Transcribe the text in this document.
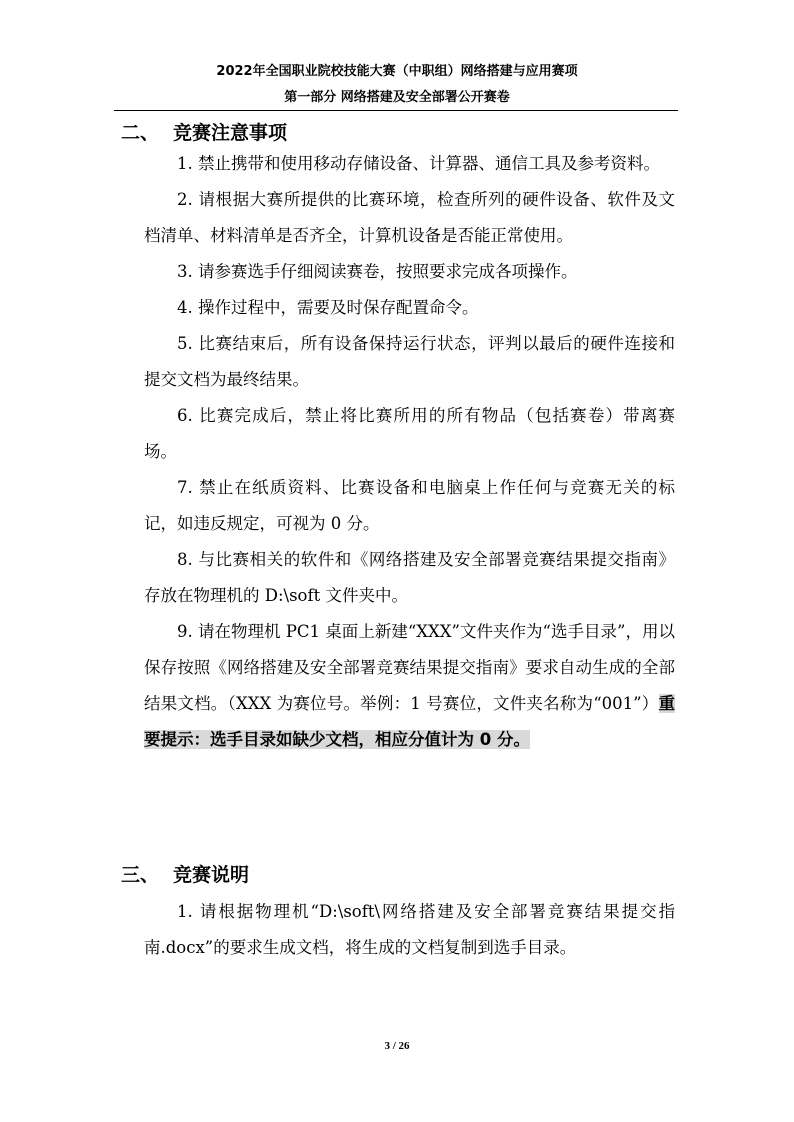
2022年全国职业院校技能大赛（中职组）网络搭建与应用赛项
第一部分 网络搭建及安全部署公开赛卷
二、 竞赛注意事项

1. 禁止携带和使用移动存储设备、计算器、通信工具及参考资料。

2. 请根据大赛所提供的比赛环境，检查所列的硬件设备、软件及文档清单、材料清单是否齐全，计算机设备是否能正常使用。

3. 请参赛选手仔细阅读赛卷，按照要求完成各项操作。

4. 操作过程中，需要及时保存配置命令。

5. 比赛结束后，所有设备保持运行状态，评判以最后的硬件连接和提交文档为最终结果。

6. 比赛完成后，禁止将比赛所用的所有物品（包括赛卷）带离赛场。

7. 禁止在纸质资料、比赛设备和电脑桌上作任何与竞赛无关的标记，如违反规定，可视为 0 分。

8. 与比赛相关的软件和《网络搭建及安全部署竞赛结果提交指南》存放在物理机的 D:\soft 文件夹中。

9. 请在物理机 PC1 桌面上新建“XXX”文件夹作为“选手目录”，用以保存按照《网络搭建及安全部署竞赛结果提交指南》要求自动生成的全部结果文档。（XXX 为赛位号。举例：1 号赛位，文件夹名称为“001”）重要提示：选手目录如缺少文档，相应分值计为 0 分。

三、 竞赛说明

1. 请根据物理机“D:\soft\网络搭建及安全部署竞赛结果提交指南.docx”的要求生成文档，将生成的文档复制到选手目录。

3 / 26
